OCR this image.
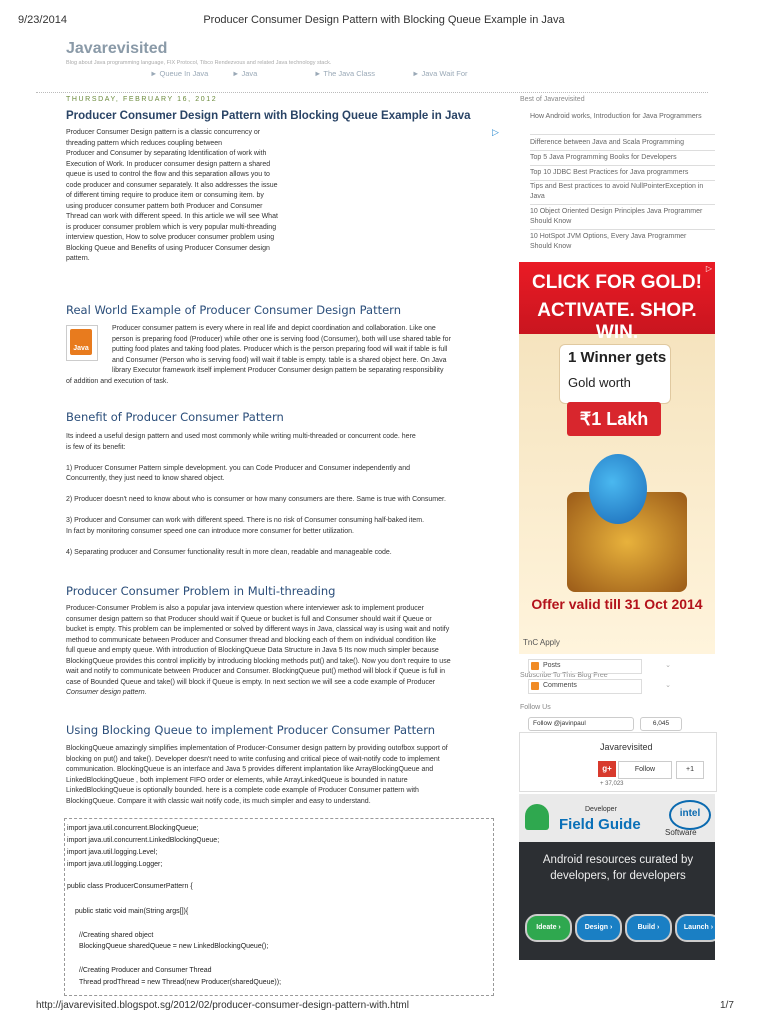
9/23/2014	Producer Consumer Design Pattern with Blocking Queue Example in Java
Javarevisited

Blog about Java programming language, FIX Protocol, Tibco Rendezvous and related Java technology stack.

► Queue In Java	► Java	► The Java Class	► Java Wait For
THURSDAY, FEBRUARY 16, 2012
Producer Consumer Design Pattern with Blocking Queue Example in Java
▷
Producer Consumer Design pattern is a classic concurrency or
threading pattern which reduces coupling between
Producer and Consumer by separating Identification of work with
Execution of Work. In producer consumer design pattern a shared
queue is used to control the flow and this separation allows you to
code producer and consumer separately. It also addresses the issue
of different timing require to produce item or consuming item. by
using producer consumer pattern both Producer and Consumer
Thread can work with different speed. In this article we will see What
is producer consumer problem which is very popular multi-threading
interview question, How to solve producer consumer problem using
Blocking Queue and Benefits of using Producer Consumer design
pattern.
Real World Example of Producer Consumer Design Pattern
Java
Producer consumer pattern is every where in real life and depict coordination and collaboration. Like one
person is preparing food (Producer) while other one is serving food (Consumer), both will use shared table for
putting food plates and taking food plates. Producer which is the person preparing food will wait if table is full
and Consumer (Person who is serving food) will wait if table is empty. table is a shared object here. On Java
library Executor framework itself implement Producer Consumer design pattern be separating responsibility
of addition and execution of task.
Benefit of Producer Consumer Pattern
Its indeed a useful design pattern and used most commonly while writing multi-threaded or concurrent code. here
is few of its benefit:
1) Producer Consumer Pattern simple development. you can Code Producer and Consumer independently and
Concurrently, they just need to know shared object.
2) Producer doesn't need to know about who is consumer or how many consumers are there. Same is true with Consumer.
3) Producer and Consumer can work with different speed. There is no risk of Consumer consuming half-baked item.
In fact by monitoring consumer speed one can introduce more consumer for better utilization.
4) Separating producer and Consumer functionality result in more clean, readable and manageable code.
Producer Consumer Problem in Multi-threading
Producer-Consumer Problem is also a popular java interview question where interviewer ask to implement producer
consumer design pattern so that Producer should wait if Queue or bucket is full and Consumer should wait if Queue or
bucket is empty. This problem can be implemented or solved by different ways in Java, classical way is using wait and notify
method to communicate between Producer and Consumer thread and blocking each of them on individual condition like
full queue and empty queue. With introduction of BlockingQueue Data Structure in Java 5 Its now much simpler because
BlockingQueue provides this control implicitly by introducing blocking methods put() and take(). Now you don't require to use
wait and notify to communicate between Producer and Consumer. BlockingQueue put() method will block if Queue is full in
case of Bounded Queue and take() will block if Queue is empty. In next section we will see a code example of Producer
Consumer design pattern.
Using Blocking Queue to implement Producer Consumer Pattern
BlockingQueue amazingly simplifies implementation of Producer-Consumer design pattern by providing outofbox support of
blocking on put() and take(). Developer doesn't need to write confusing and critical piece of wait-notify code to implement
communication. BlockingQueue is an interface and Java 5 provides different implantation like ArrayBlockingQueue and
LinkedBlockingQueue , both implement FIFO order or elements, while ArrayLinkedQueue is bounded in nature
LinkedBlockingQueue is optionally bounded. here is a complete code example of Producer Consumer pattern with
BlockingQueue. Compare it with classic wait notify code, its much simpler and easy to understand.
import java.util.concurrent.BlockingQueue;
import java.util.concurrent.LinkedBlockingQueue;
import java.util.logging.Level;
import java.util.logging.Logger;
public class ProducerConsumerPattern {
public static void main(String args[]){
//Creating shared object
BlockingQueue sharedQueue = new LinkedBlockingQueue();
//Creating Producer and Consumer Thread
Thread prodThread = new Thread(new Producer(sharedQueue));
Best of Javarevisited
How Android works, Introduction for Java Programmers
Difference between Java and Scala Programming
Top 5 Java Programming Books for Developers
Top 10 JDBC Best Practices for Java programmers
Tips and Best practices to avoid NullPointerException in Java
10 Object Oriented Design Principles Java Programmer Should Know
10 HotSpot JVM Options, Every Java Programmer Should Know
▷
CLICK FOR GOLD!
ACTIVATE. SHOP. WIN.
1 Winner gets
Gold worth
₹1 Lakh
Offer valid till 31 Oct 2014
TnC Apply
Subscribe To This Blog Free
Posts	⌄
Comments	⌄
Follow Us
Follow @javinpaul	6,045
Javarevisited
g+	Follow	+1
+ 37,023
Developer
Field Guide
intel
Software
Android resources curated by developers, for developers
Ideate ›	Design ›	Build ›	Launch ›
http://javarevisited.blogspot.sg/2012/02/producer-consumer-design-pattern-with.html	1/7
